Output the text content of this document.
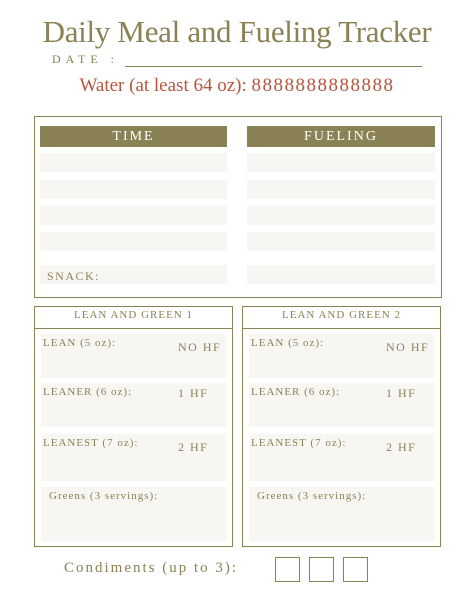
Daily Meal and Fueling Tracker
DATE :
Water (at least 64 oz): 8888888888888
TIME	FUELING
SNACK:
LEAN AND GREEN 1
LEAN (5 oz):	NO HF
LEANER (6 oz):	1 HF
LEANEST (7 oz):	2 HF
Greens (3 servings):
LEAN AND GREEN 2
LEAN (5 oz):	NO HF
LEANER (6 oz):	1 HF
LEANEST (7 oz):	2 HF
Greens (3 servings):
Condiments (up to 3):
